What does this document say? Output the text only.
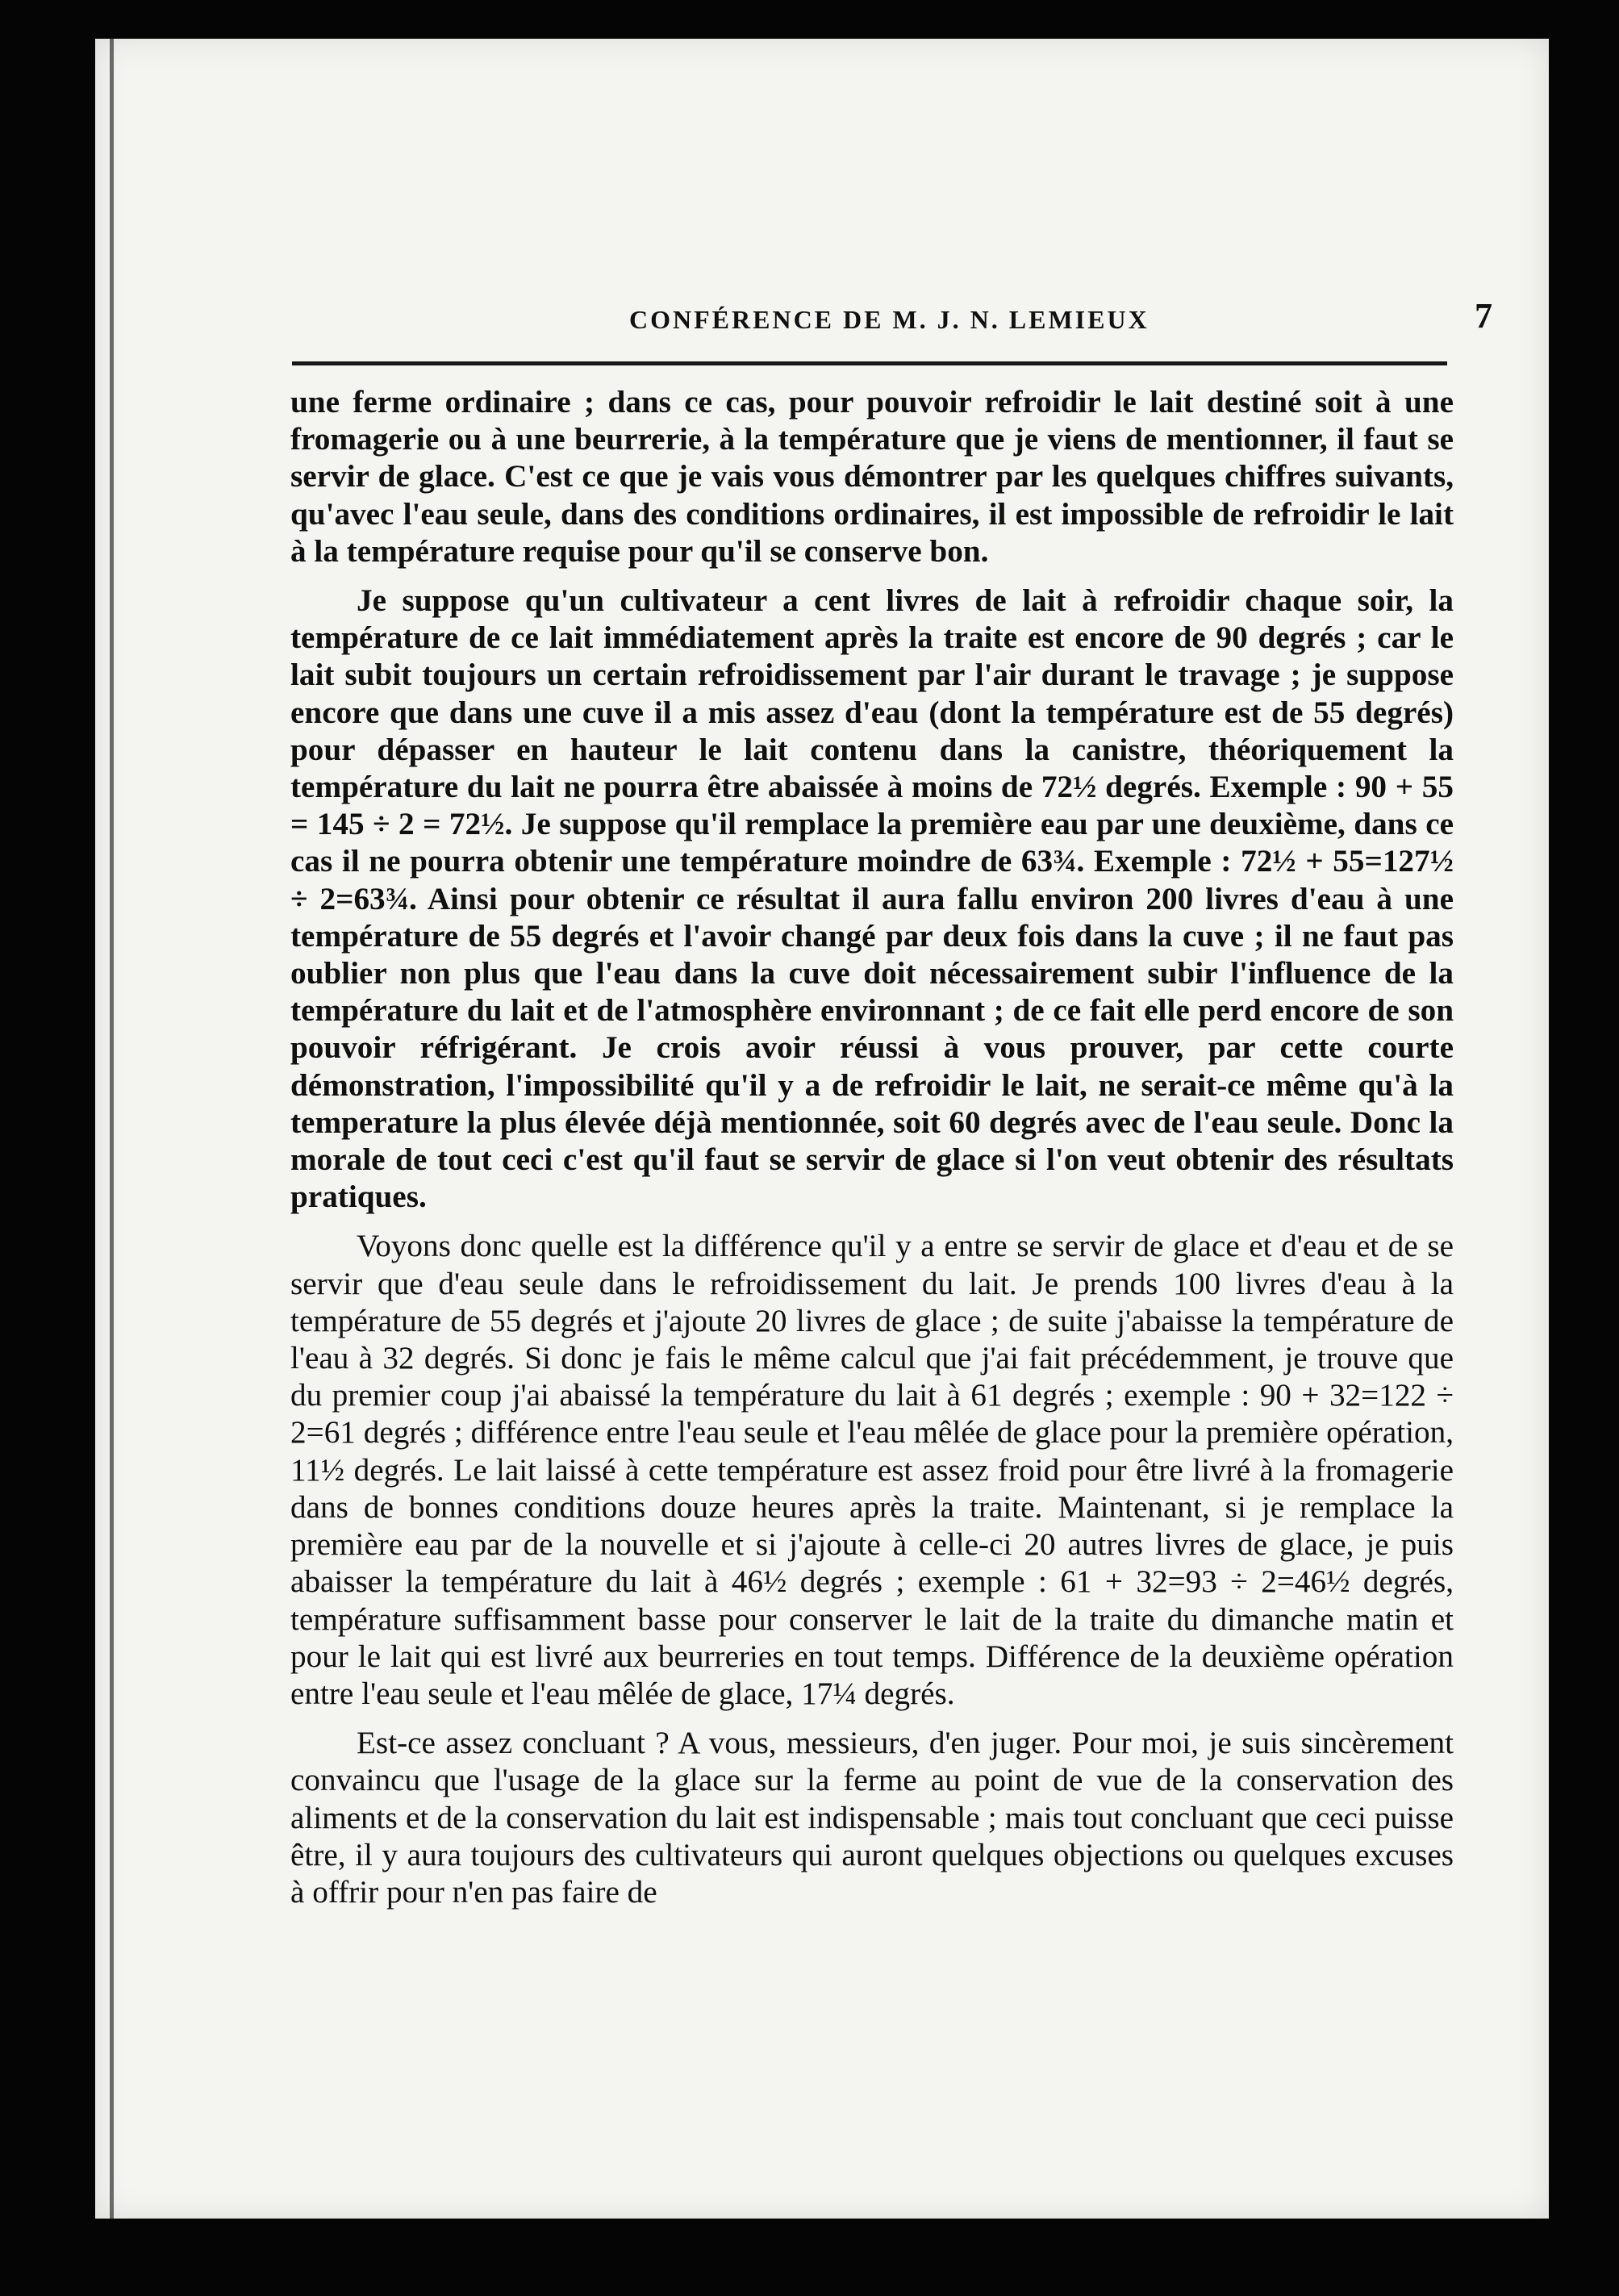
CONFÉRENCE DE M. J. N. LEMIEUX	7

une ferme ordinaire ; dans ce cas, pour pouvoir refroidir le lait destiné soit à une fromagerie ou à une beurrerie, à la température que je viens de mentionner, il faut se servir de glace. C'est ce que je vais vous démontrer par les quelques chiffres suivants, qu'avec l'eau seule, dans des conditions ordinaires, il est impossible de refroidir le lait à la température requise pour qu'il se conserve bon.

Je suppose qu'un cultivateur a cent livres de lait à refroidir chaque soir, la température de ce lait immédiatement après la traite est encore de 90 degrés ; car le lait subit toujours un certain refroidissement par l'air durant le travage ; je suppose encore que dans une cuve il a mis assez d'eau (dont la température est de 55 degrés) pour dépasser en hauteur le lait contenu dans la canistre, théoriquement la température du lait ne pourra être abaissée à moins de 72½ degrés. Exemple : 90 + 55 = 145 ÷ 2 = 72½. Je suppose qu'il remplace la première eau par une deuxième, dans ce cas il ne pourra obtenir une température moindre de 63¾. Exemple : 72½ + 55=127½ ÷ 2=63¾. Ainsi pour obtenir ce résultat il aura fallu environ 200 livres d'eau à une température de 55 degrés et l'avoir changé par deux fois dans la cuve ; il ne faut pas oublier non plus que l'eau dans la cuve doit nécessairement subir l'influence de la température du lait et de l'atmosphère environnant ; de ce fait elle perd encore de son pouvoir réfrigérant. Je crois avoir réussi à vous prouver, par cette courte démonstration, l'impossibilité qu'il y a de refroidir le lait, ne serait-ce même qu'à la temperature la plus élevée déjà mentionnée, soit 60 degrés avec de l'eau seule. Donc la morale de tout ceci c'est qu'il faut se servir de glace si l'on veut obtenir des résultats pratiques.

Voyons donc quelle est la différence qu'il y a entre se servir de glace et d'eau et de se servir que d'eau seule dans le refroidissement du lait. Je prends 100 livres d'eau à la température de 55 degrés et j'ajoute 20 livres de glace ; de suite j'abaisse la température de l'eau à 32 degrés. Si donc je fais le même calcul que j'ai fait précédemment, je trouve que du premier coup j'ai abaissé la température du lait à 61 degrés ; exemple : 90 + 32=122 ÷ 2=61 degrés ; différence entre l'eau seule et l'eau mêlée de glace pour la première opération, 11½ degrés. Le lait laissé à cette température est assez froid pour être livré à la fromagerie dans de bonnes conditions douze heures après la traite. Maintenant, si je remplace la première eau par de la nouvelle et si j'ajoute à celle-ci 20 autres livres de glace, je puis abaisser la température du lait à 46½ degrés ; exemple : 61 + 32=93 ÷ 2=46½ degrés, température suffisamment basse pour conserver le lait de la traite du dimanche matin et pour le lait qui est livré aux beurreries en tout temps. Différence de la deuxième opération entre l'eau seule et l'eau mêlée de glace, 17¼ degrés.

Est-ce assez concluant ? A vous, messieurs, d'en juger. Pour moi, je suis sincèrement convaincu que l'usage de la glace sur la ferme au point de vue de la conservation des aliments et de la conservation du lait est indispensable ; mais tout concluant que ceci puisse être, il y aura toujours des cultivateurs qui auront quelques objections ou quelques excuses à offrir pour n'en pas faire de
